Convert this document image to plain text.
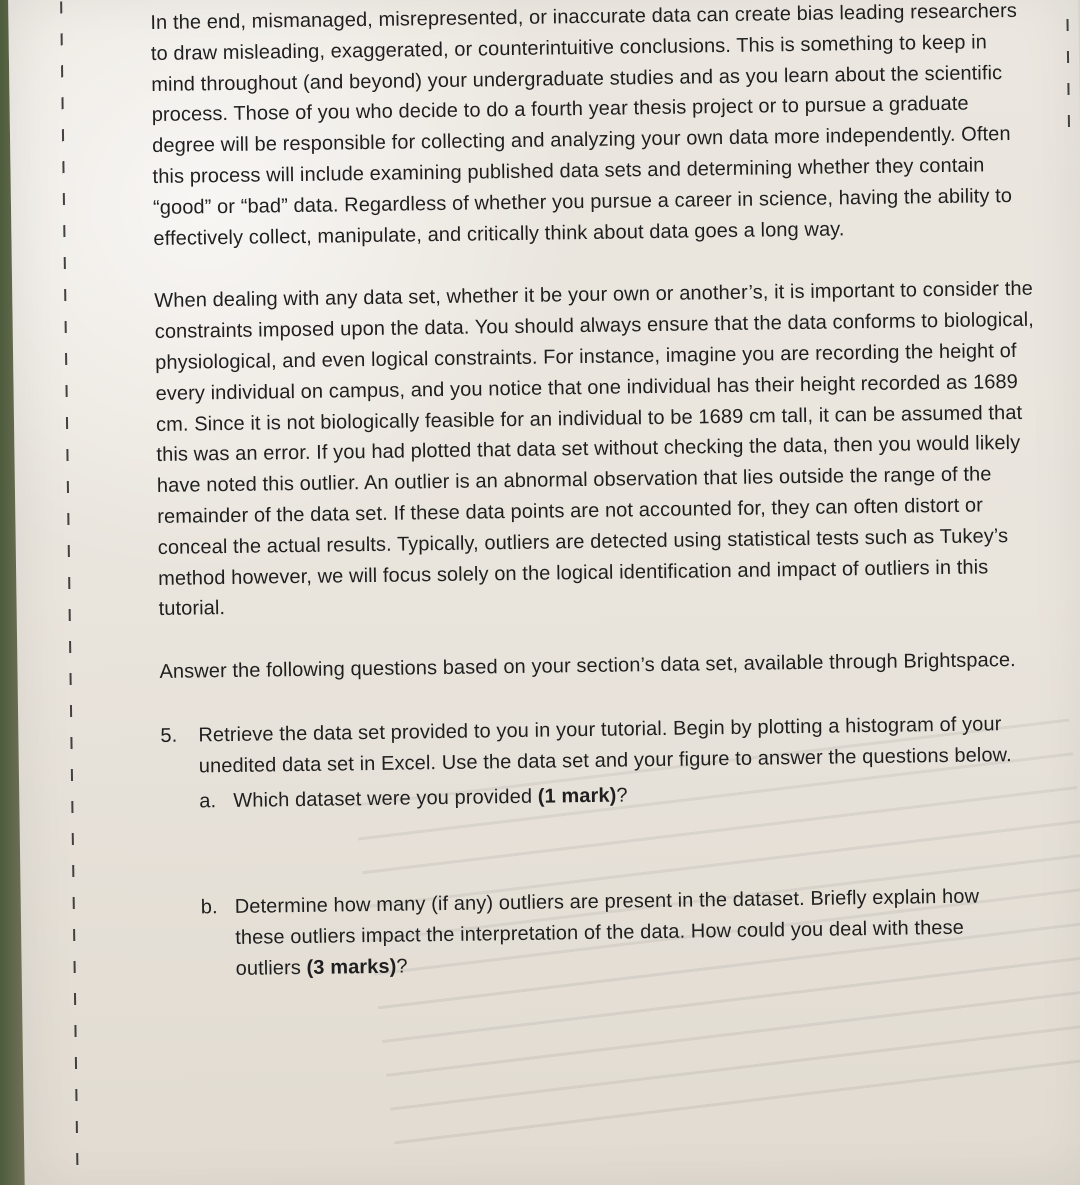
In the end, mismanaged, misrepresented, or inaccurate data can create bias leading researchers to draw misleading, exaggerated, or counterintuitive conclusions. This is something to keep in mind throughout (and beyond) your undergraduate studies and as you learn about the scientific process. Those of you who decide to do a fourth year thesis project or to pursue a graduate degree will be responsible for collecting and analyzing your own data more independently. Often this process will include examining published data sets and determining whether they contain “good” or “bad” data. Regardless of whether you pursue a career in science, having the ability to effectively collect, manipulate, and critically think about data goes a long way.

When dealing with any data set, whether it be your own or another’s, it is important to consider the constraints imposed upon the data. You should always ensure that the data conforms to biological, physiological, and even logical constraints. For instance, imagine you are recording the height of every individual on campus, and you notice that one individual has their height recorded as 1689 cm. Since it is not biologically feasible for an individual to be 1689 cm tall, it can be assumed that this was an error. If you had plotted that data set without checking the data, then you would likely have noted this outlier. An outlier is an abnormal observation that lies outside the range of the remainder of the data set. If these data points are not accounted for, they can often distort or conceal the actual results. Typically, outliers are detected using statistical tests such as Tukey’s method however, we will focus solely on the logical identification and impact of outliers in this tutorial.

Answer the following questions based on your section’s data set, available through Brightspace.

5.	Retrieve the data set provided to you in your tutorial. Begin by plotting a histogram of your unedited data set in Excel. Use the data set and your figure to answer the questions below.
a. Which dataset were you provided (1 mark)?
b. Determine how many (if any) outliers are present in the dataset. Briefly explain how these outliers impact the interpretation of the data. How could you deal with these outliers (3 marks)?
